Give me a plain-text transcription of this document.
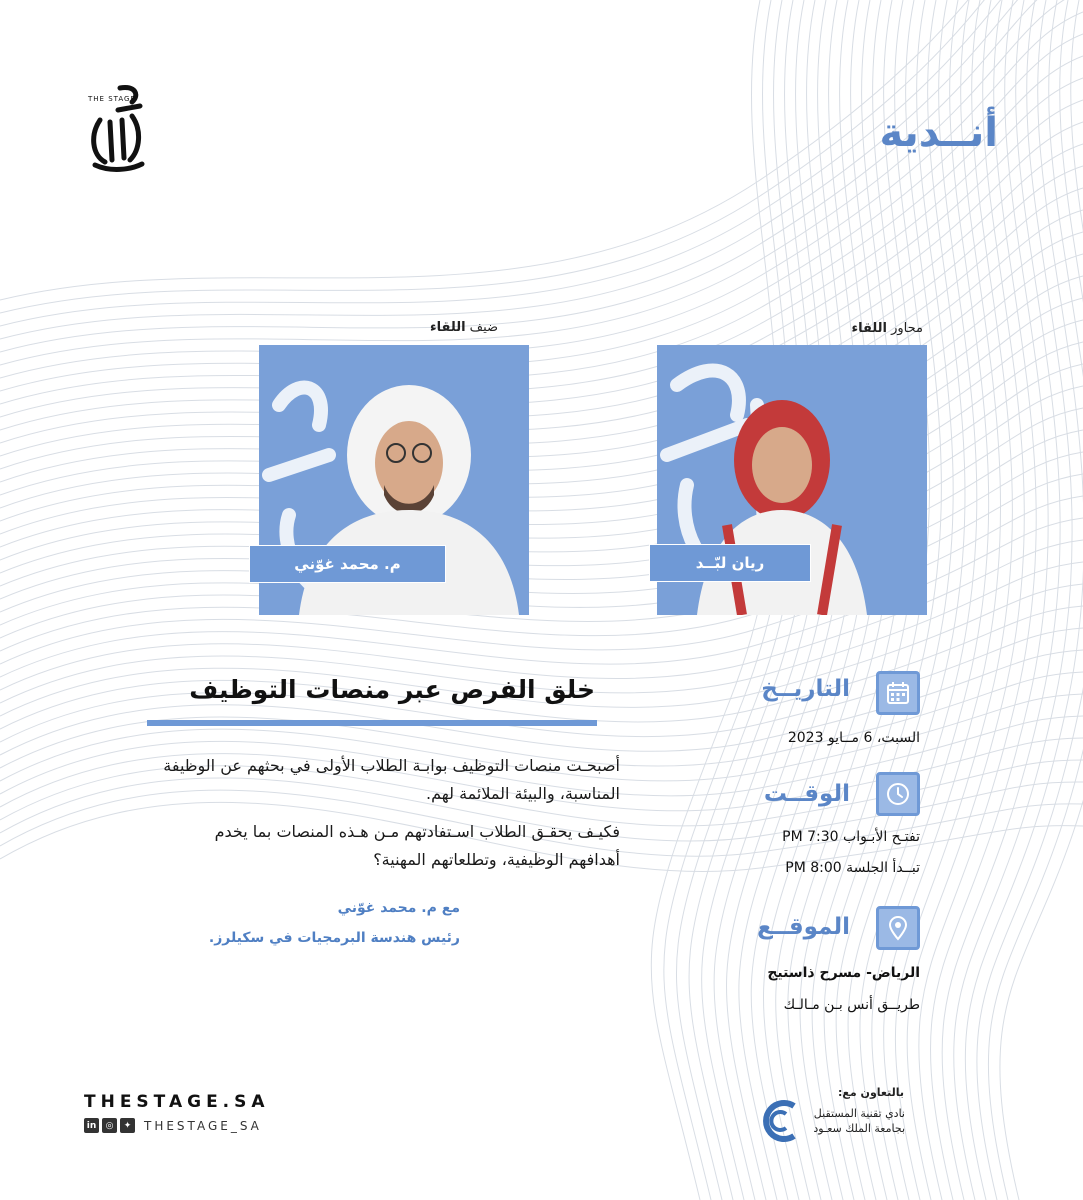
THE STAGE
أنــدية
محاور اللقاء
ريان لبّــد
ضيف اللقاء
م. محمد غوّني
التاريــخ
السبت، 6 مــايو 2023
الوقــت
تفتـح الأبـواب PM 7:30
تبــدأ الجلسة PM 8:00
الموقــع
الرياض- مسرح ذاستيج
طريــق أنس بـن مـالـك
خلق الفرص عبر منصات التوظيف
أصبحـت منصات التوظيف بوابـة الطلاب الأولى في بحثهم عن الوظيفة المناسبة، والبيئة الملائمة لهم.
فكيـف يحقـق الطلاب اسـتفادتهم مـن هـذه المنصات بما يخدم أهدافهم الوظيفية، وتطلعاتهم المهنية؟
مع م. محمد غوّني
رئيس هندسة البرمجيات في سكيلرز.
THESTAGE.SA
in	◎	✦	THESTAGE_SA
بالتعاون مع:
نادي تقنية المستقبل
بجامعة الملك سعـود
